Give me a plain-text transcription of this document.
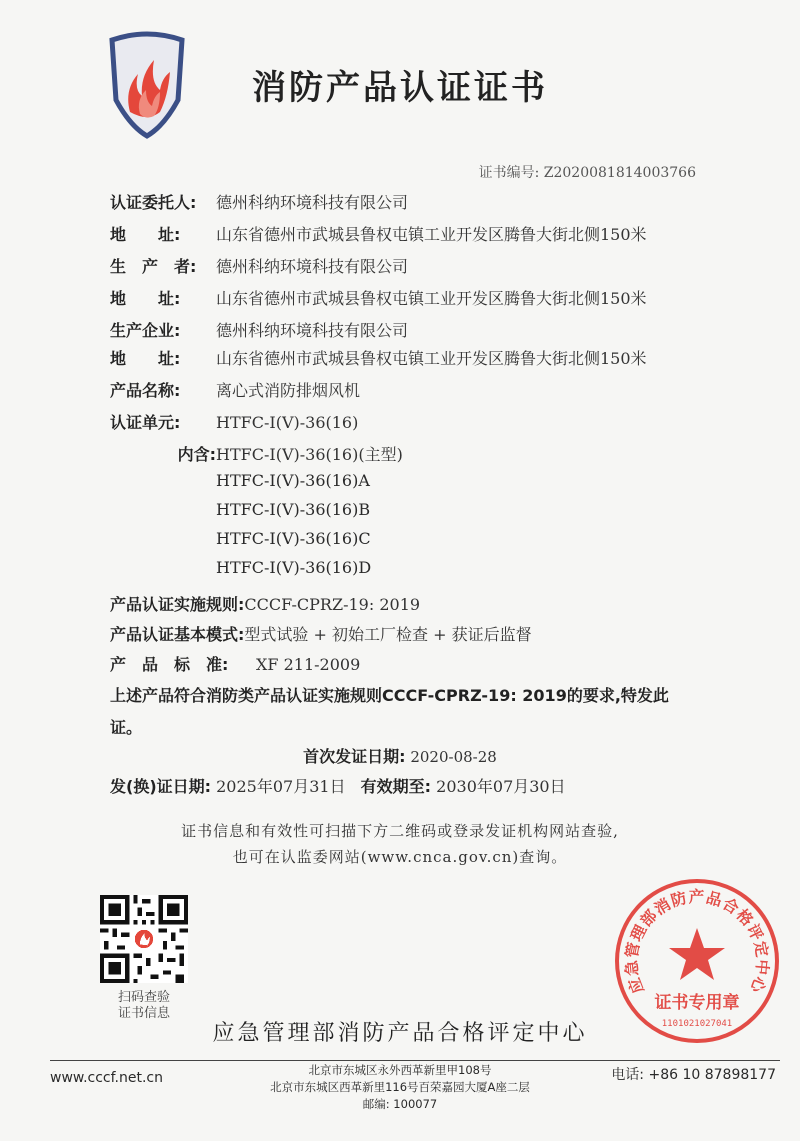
消防产品认证证书
证书编号: Z2020081814003766
认证委托人: 德州科纳环境科技有限公司
地　　址: 山东省德州市武城县鲁权屯镇工业开发区腾鲁大街北侧150米
生　产　者: 德州科纳环境科技有限公司
地　　址: 山东省德州市武城县鲁权屯镇工业开发区腾鲁大街北侧150米
生产企业: 德州科纳环境科技有限公司
地　　址: 山东省德州市武城县鲁权屯镇工业开发区腾鲁大街北侧150米
产品名称: 离心式消防排烟风机
认证单元: HTFC-I(V)-36(16)
内含:HTFC-I(V)-36(16)(主型)
HTFC-I(V)-36(16)A
HTFC-I(V)-36(16)B
HTFC-I(V)-36(16)C
HTFC-I(V)-36(16)D
产品认证实施规则:CCCF-CPRZ-19: 2019
产品认证基本模式:型式试验 + 初始工厂检查 + 获证后监督
产　品　标　准: XF 211-2009
上述产品符合消防类产品认证实施规则CCCF-CPRZ-19: 2019的要求,特发此证。
首次发证日期: 2020-08-28
发(换)证日期: 2025年07月31日 有效期至: 2030年07月30日
证书信息和有效性可扫描下方二维码或登录发证机构网站查验,
也可在认监委网站(www.cnca.gov.cn)查询。
扫码查验
证书信息
应急管理部消防产品合格评定中心
证书专用章
1101021027041
应急管理部消防产品合格评定中心
www.cccf.net.cn	北京市东城区永外西革新里甲108号
北京市东城区西革新里116号百荣嘉园大厦A座二层
邮编: 100077
电话: +86 10 87898177
